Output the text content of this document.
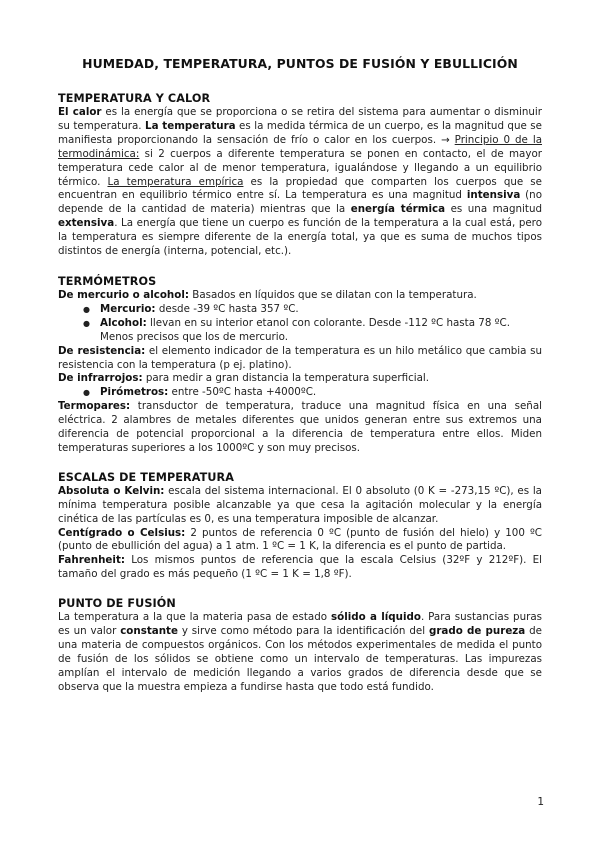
HUMEDAD, TEMPERATURA, PUNTOS DE FUSIÓN Y EBULLICIÓN
TEMPERATURA Y CALOR

El calor es la energía que se proporciona o se retira del sistema para aumentar o disminuir su temperatura. La temperatura es la medida térmica de un cuerpo, es la magnitud que se manifiesta proporcionando la sensación de frío o calor en los cuerpos. → Principio 0 de la termodinámica: si 2 cuerpos a diferente temperatura se ponen en contacto, el de mayor temperatura cede calor al de menor temperatura, igualándose y llegando a un equilibrio térmico. La temperatura empírica es la propiedad que comparten los cuerpos que se encuentran en equilibrio térmico entre sí. La temperatura es una magnitud intensiva (no depende de la cantidad de materia) mientras que la energía térmica es una magnitud extensiva. La energía que tiene un cuerpo es función de la temperatura a la cual está, pero la temperatura es siempre diferente de la energía total, ya que es suma de muchos tipos distintos de energía (interna, potencial, etc.).

TERMÓMETROS

De mercurio o alcohol: Basados en líquidos que se dilatan con la temperatura.

● Mercurio: desde -39 ºC hasta 357 ºC.
● Alcohol: llevan en su interior etanol con colorante. Desde -112 ºC hasta 78 ºC. Menos precisos que los de mercurio.

De resistencia: el elemento indicador de la temperatura es un hilo metálico que cambia su resistencia con la temperatura (p ej. platino).

De infrarrojos: para medir a gran distancia la temperatura superficial.

● Pirómetros: entre -50ºC hasta +4000ºC.

Termopares: transductor de temperatura, traduce una magnitud física en una señal eléctrica. 2 alambres de metales diferentes que unidos generan entre sus extremos una diferencia de potencial proporcional a la diferencia de temperatura entre ellos. Miden temperaturas superiores a los 1000ºC y son muy precisos.

ESCALAS DE TEMPERATURA

Absoluta o Kelvin: escala del sistema internacional. El 0 absoluto (0 K = -273,15 ºC), es la mínima temperatura posible alcanzable ya que cesa la agitación molecular y la energía cinética de las partículas es 0, es una temperatura imposible de alcanzar.

Centígrado o Celsius: 2 puntos de referencia 0 ºC (punto de fusión del hielo) y 100 ºC (punto de ebullición del agua) a 1 atm. 1 ºC = 1 K, la diferencia es el punto de partida.

Fahrenheit: Los mismos puntos de referencia que la escala Celsius (32ºF y 212ºF). El tamaño del grado es más pequeño (1 ºC = 1 K = 1,8 ºF).

PUNTO DE FUSIÓN

La temperatura a la que la materia pasa de estado sólido a líquido. Para sustancias puras es un valor constante y sirve como método para la identificación del grado de pureza de una materia de compuestos orgánicos. Con los métodos experimentales de medida el punto de fusión de los sólidos se obtiene como un intervalo de temperaturas. Las impurezas amplían el intervalo de medición llegando a varios grados de diferencia desde que se observa que la muestra empieza a fundirse hasta que todo está fundido.

1
